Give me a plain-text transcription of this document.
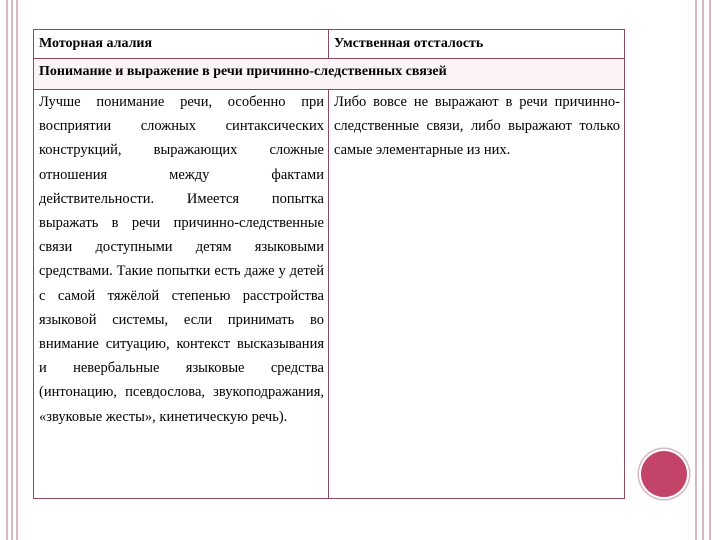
Моторная алалия	Умственная отсталость
Понимание и выражение в речи причинно-следственных связей	
Лучше понимание речи, особенно при восприятии сложных синтаксических конструкций, выражающих сложные отношения между фактами действительности. Имеется попытка выражать в речи причинно-следственные связи доступными детям языковыми средствами. Такие попытки есть даже у детей с самой тяжёлой степенью расстройства языковой системы, если принимать во внимание ситуацию, контекст высказывания и невербальные языковые средства (интонацию, псевдослова, звукоподражания, «звуковые жесты», кинетическую речь).	Либо вовсе не выражают в речи причинно-следственные связи, либо выражают только самые элементарные из них.
